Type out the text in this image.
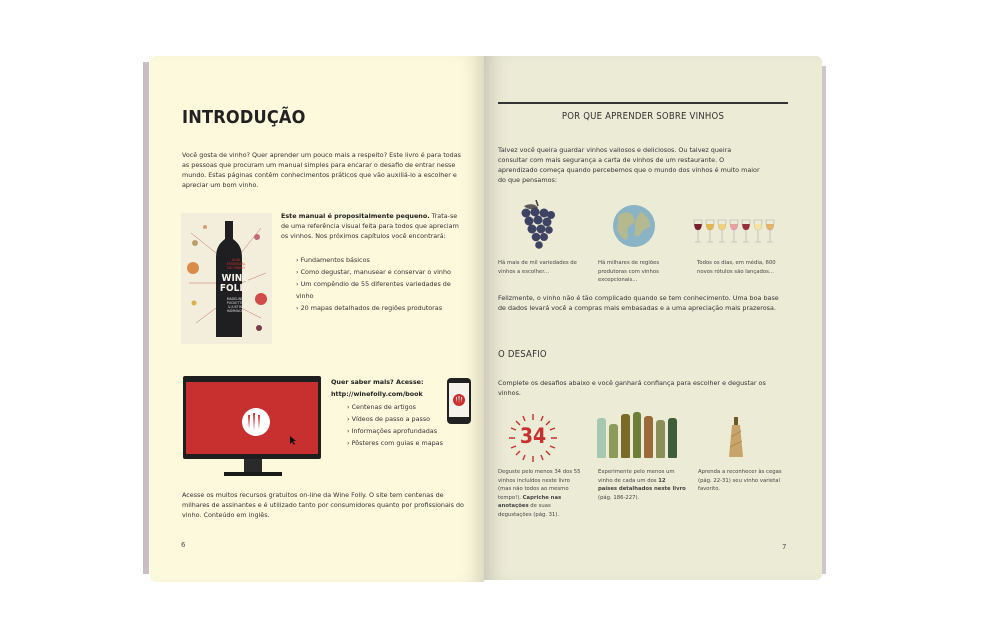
INTRODUÇÃO
Você gosta de vinho? Quer aprender um pouco mais a respeito? Este livro é para todas as pessoas que procuram um manual simples para encarar o desafio de entrar nesse mundo. Estas páginas contêm conhecimentos práticos que vão auxiliá-lo a escolher e apreciar um bom vinho.
GUIA
ESSENCIAL
DO VINHO
WINE
FOLLY
MADELINE
PUCKETTE
& JUSTIN
HAMMACK
Este manual é propositalmente pequeno. Trata-se de uma referência visual feita para todos que apreciam os vinhos. Nos próximos capítulos você encontrará:
› Fundamentos básicos
› Como degustar, manusear e conservar o vinho
› Um compêndio de 55 diferentes variedades de vinho
› 20 mapas detalhados de regiões produtoras
Quer saber mais? Acesse:
http://winefolly.com/book
› Centenas de artigos
› Vídeos de passo a passo
› Informações aprofundadas
› Pôsteres com guias e mapas
Acesse os muitos recursos gratuitos on-line da Wine Folly. O site tem centenas de milhares de assinantes e é utilizado tanto por consumidores quanto por profissionais do vinho. Conteúdo em inglês.
6
POR QUE APRENDER SOBRE VINHOS
Talvez você queira guardar vinhos valiosos e deliciosos. Ou talvez queira consultar com mais segurança a carta de vinhos de um restaurante. O aprendizado começa quando percebemos que o mundo dos vinhos é muito maior do que pensamos:
Há mais de mil variedades de vinhos a escolher...
Há milhares de regiões produtoras com vinhos excepcionais...
Todos os dias, em média, 600 novos rótulos são lançados...
Felizmente, o vinho não é tão complicado quando se tem conhecimento. Uma boa base de dados levará você a compras mais embasadas e a uma apreciação mais prazerosa.
O DESAFIO
Complete os desafios abaixo e você ganhará confiança para escolher e degustar os vinhos.
34
Deguste pelo menos 34 dos 55 vinhos incluídos neste livro (mas não todos ao mesmo tempo!). Capriche nas anotações de suas degustações (pág. 31).
Experimente pelo menos um vinho de cada um dos 12 países detalhados neste livro (pág. 186-227).
Aprenda a reconhecer às cegas (pág. 22-31) seu vinho varietal favorito.
7
